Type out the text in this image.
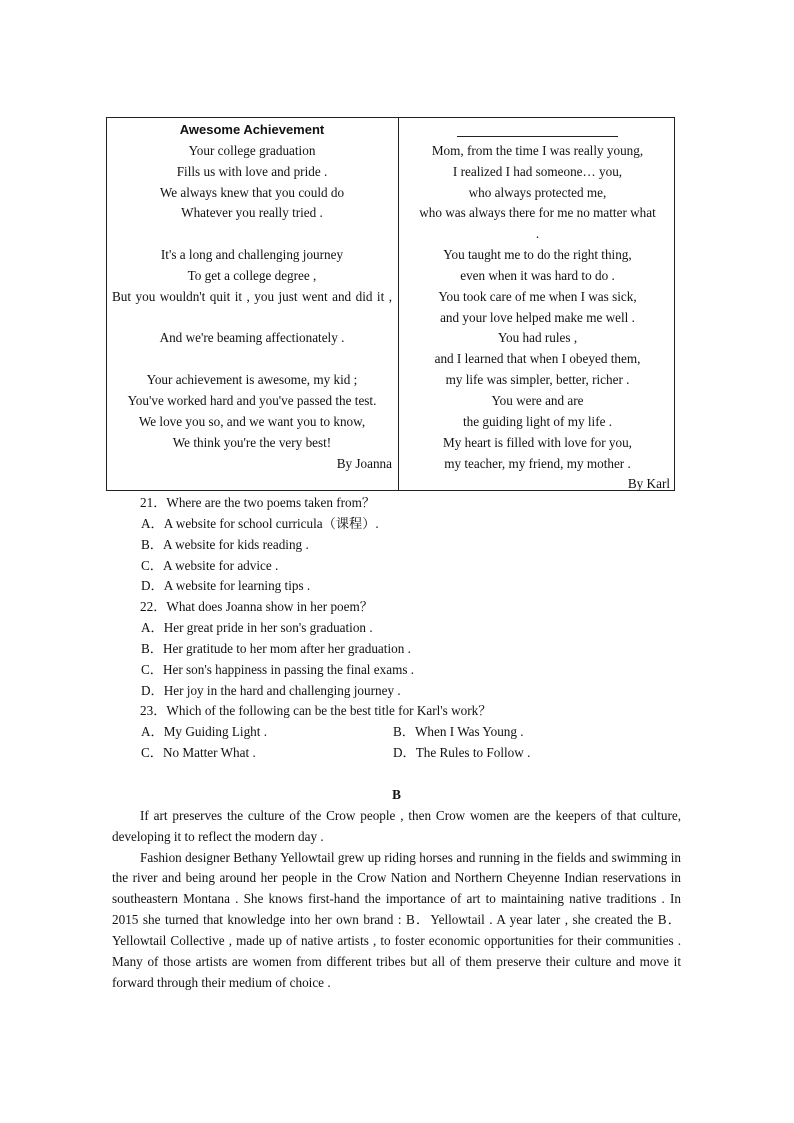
Awesome Achievement
Your college graduation
Fills us with love and pride .
We always knew that you could do
Whatever you really tried .
It's a long and challenging journey
To get a college degree ,
But you wouldn't quit it , you just went and did it ,
And we're beaming affectionately .
Your achievement is awesome, my kid ;
You've worked hard and you've passed the test.
We love you so, and we want you to know,
We think you're the very best!
By Joanna
Mom, from the time I was really young,
I realized I had someone… you,
who always protected me,
who was always there for me no matter what .
You taught me to do the right thing,
even when it was hard to do .
You took care of me when I was sick,
and your love helped make me well .
You had rules ,
and I learned that when I obeyed them,
my life was simpler, better, richer .
You were and are
the guiding light of my life .
My heart is filled with love for you,
my teacher, my friend, my mother .
By Karl
21．Where are the two poems taken from？
A．A website for school curricula（课程）.
B．A website for kids reading .
C．A website for advice .
D．A website for learning tips .
22．What does Joanna show in her poem？
A．Her great pride in her son's graduation .
B．Her gratitude to her mom after her graduation .
C．Her son's happiness in passing the final exams .
D．Her joy in the hard and challenging journey .
23．Which of the following can be the best title for Karl's work？
A．My Guiding Light .	B．When I Was Young .
C．No Matter What .	D．The Rules to Follow .
B

If art preserves the culture of the Crow people , then Crow women are the keepers of that culture, developing it to reflect the modern day .

Fashion designer Bethany Yellowtail grew up riding horses and running in the fields and swimming in the river and being around her people in the Crow Nation and Northern Cheyenne Indian reservations in southeastern Montana . She knows first-hand the importance of art to maintaining native traditions . In 2015 she turned that knowledge into her own brand : B．Yellowtail . A year later , she created the B．Yellowtail Collective , made up of native artists , to foster economic opportunities for their communities . Many of those artists are women from different tribes but all of them preserve their culture and move it forward through their medium of choice .
